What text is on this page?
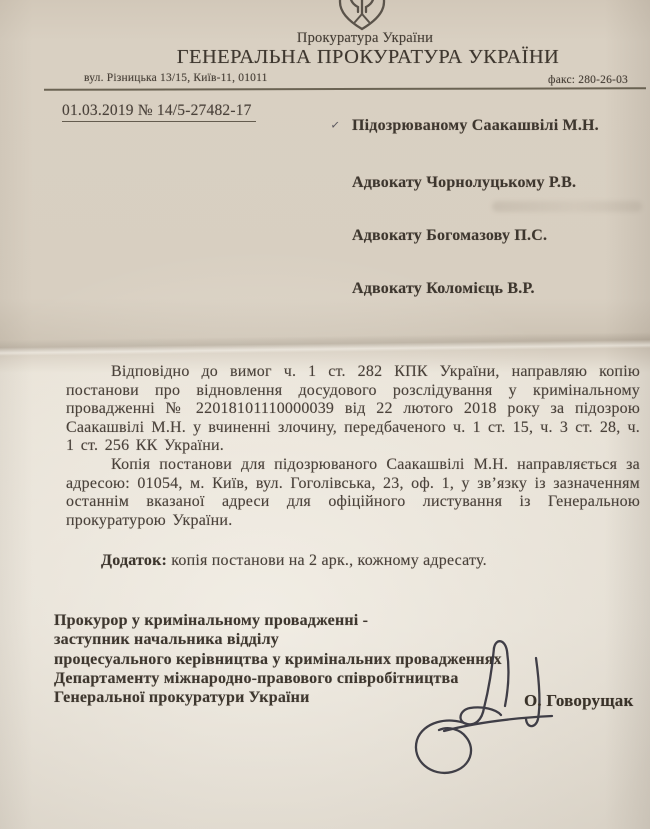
Прокуратура України
ГЕНЕРАЛЬНА ПРОКУРАТУРА УКРАЇНИ
вул. Різницька 13/15, Київ-11, 01011	факс: 280-26-03
01.03.2019 № 14/5-27482-17
✓ Підозрюваному Саакашвілі М.Н.
Адвокату Чорнолуцькому Р.В.
Адвокату Богомазову П.С.
Адвокату Коломієць В.Р.

Відповідно до вимог ч. 1 ст. 282 КПК України, направляю копію постанови про відновлення досудового розслідування у кримінальному провадженні № 22018101110000039 від 22 лютого 2018 року за підозрою Саакашвілі М.Н. у вчиненні злочину, передбаченого ч. 1 ст. 15, ч. 3 ст. 28, ч. 1 ст. 256 КК України.

Копія постанови для підозрюваного Саакашвілі М.Н. направляється за адресою: 01054, м. Київ, вул. Гоголівська, 23, оф. 1, у зв’язку із зазначенням останнім вказаної адреси для офіційного листування із Генеральною прокуратурою України.

Додаток: копія постанови на 2 арк., кожному адресату.
Прокурор у кримінальному провадженні -
заступник начальника відділу
процесуального керівництва у кримінальних провадженнях
Департаменту міжнародно-правового співробітництва
Генеральної прокуратури України	О. Говорущак
